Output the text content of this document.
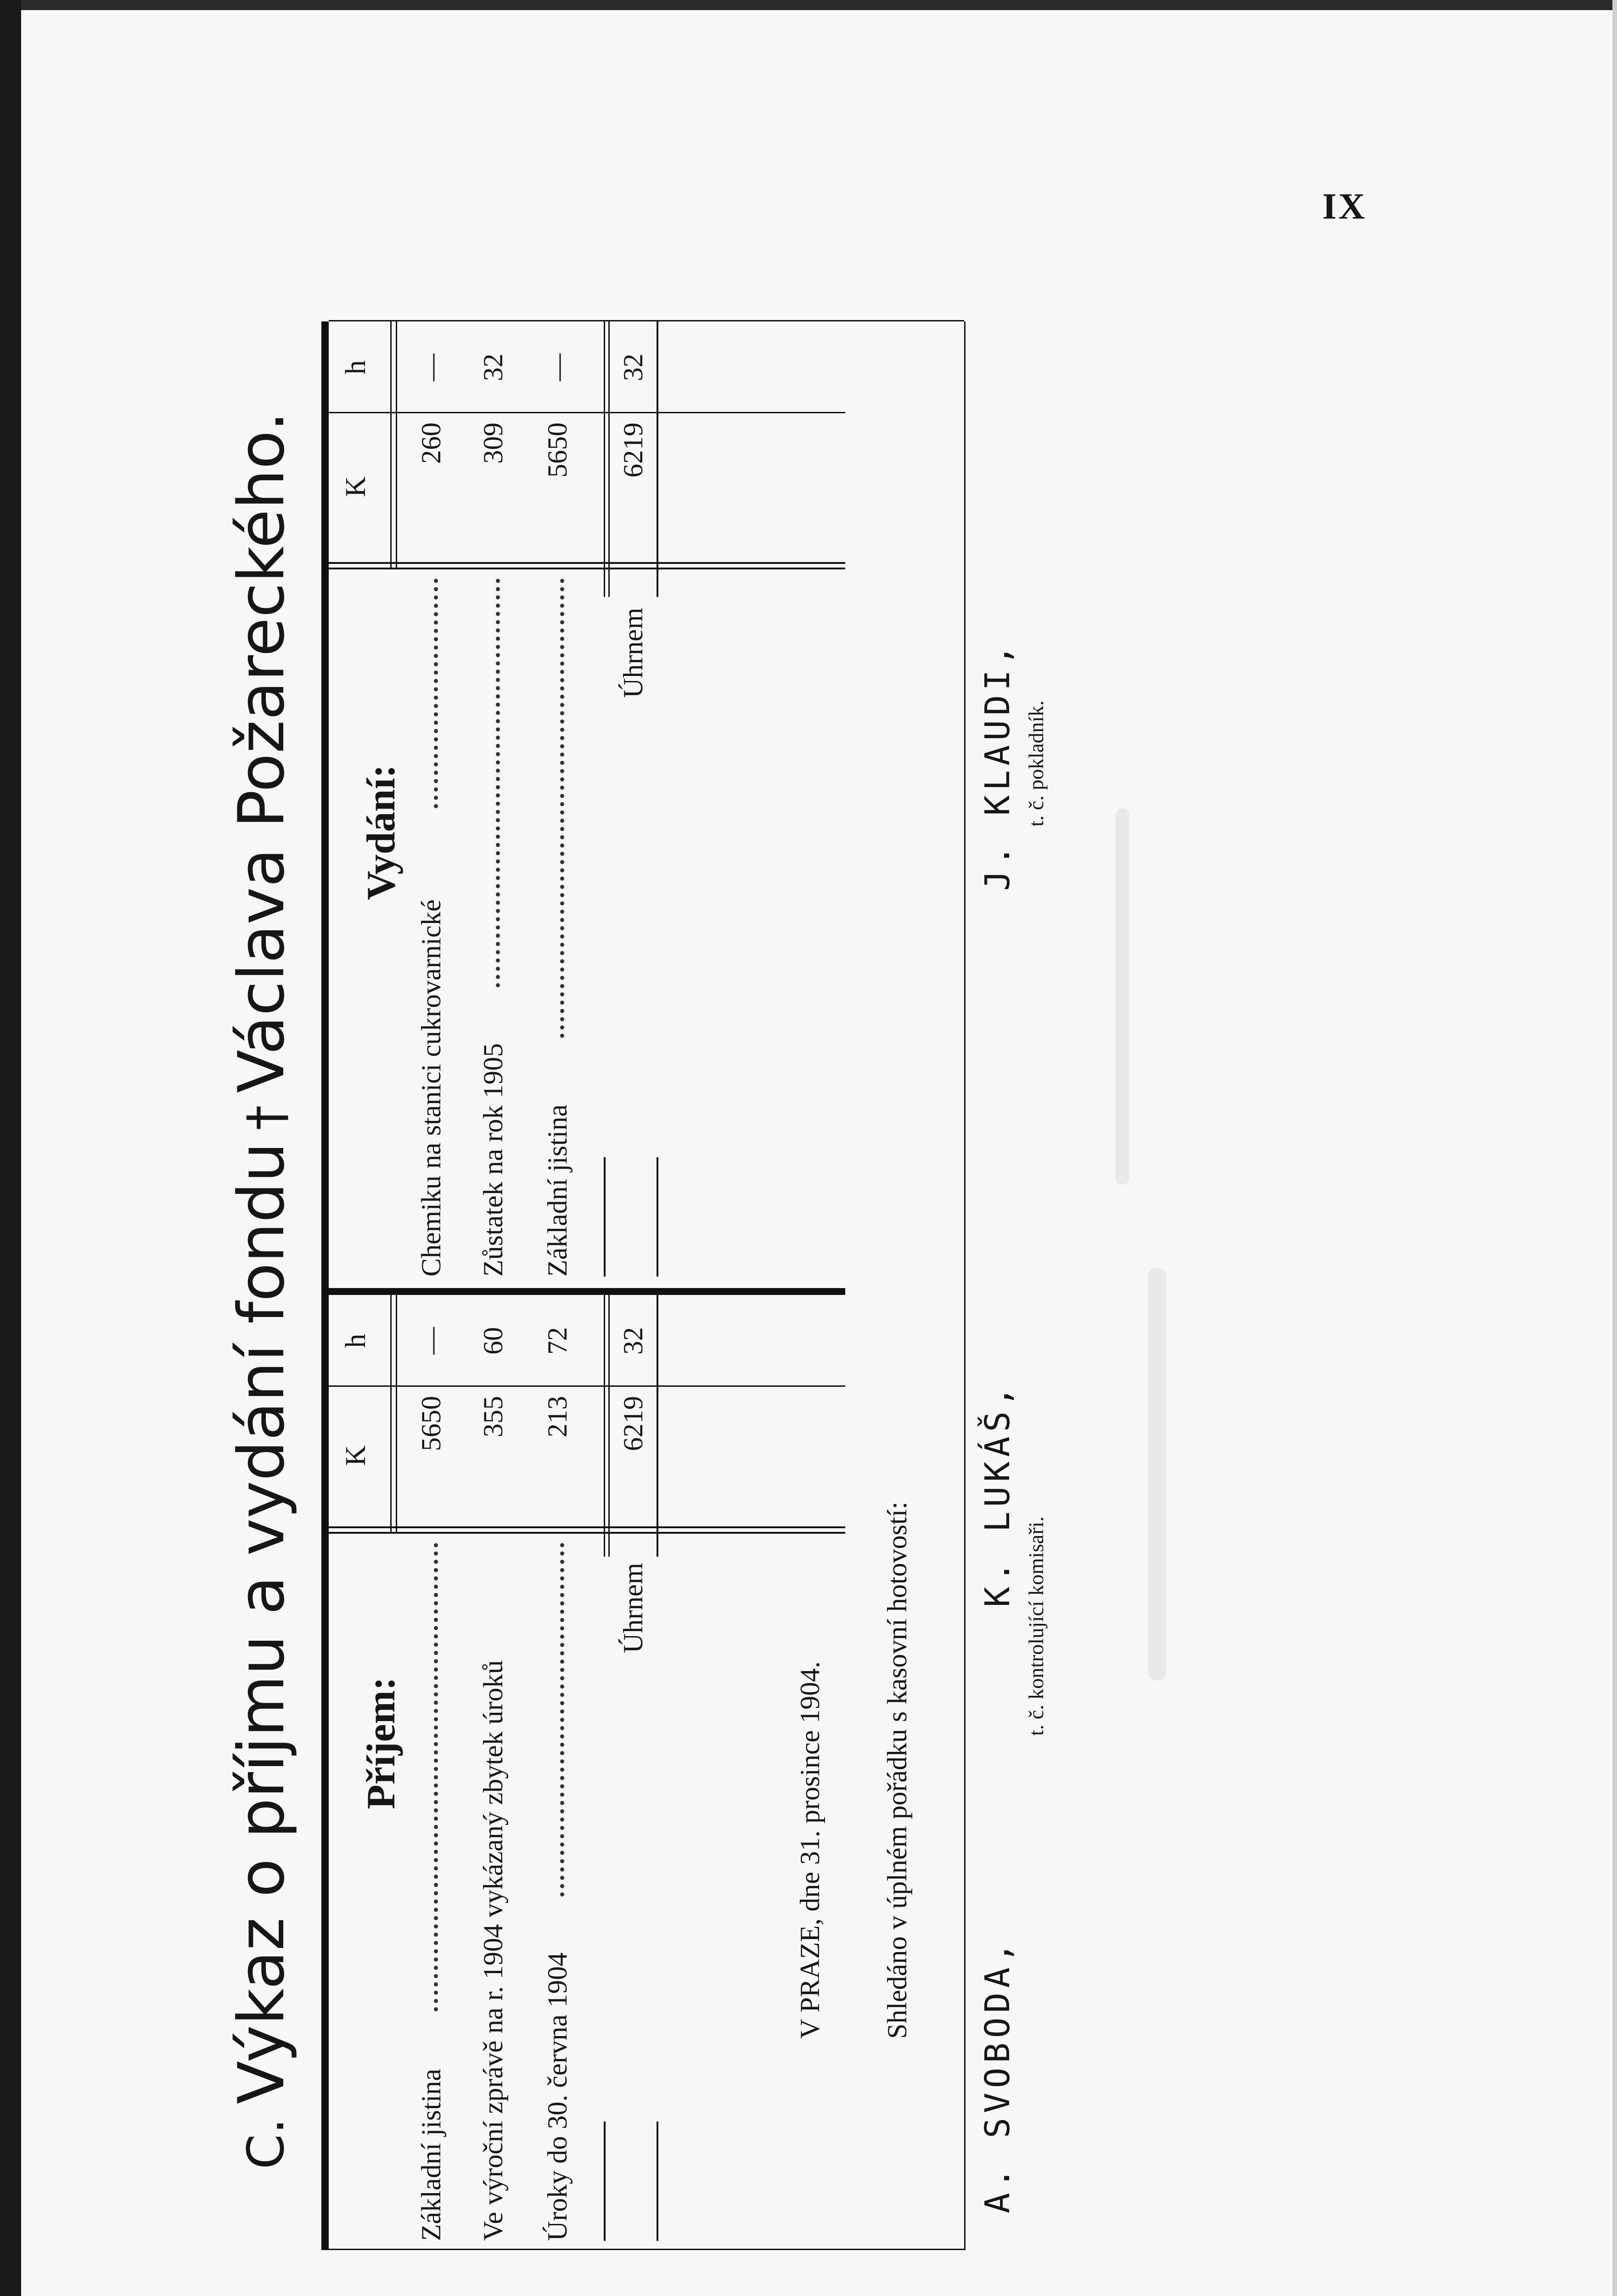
IX
C.Výkaz o příjmu a vydání fondu†Václava Požareckého.
Příjem:
K
h
Základní jistina
5650
—
Ve výroční zprávě na r. 1904 vykázaný zbytek úroků
355
60
Úroky do 30. června 1904
213
72
Úhrnem
6219
32
Vydání:
K
h
Chemiku na stanici cukrovarnické
260
—
Zůstatek na rok 1905
309
32
Základní jistina
5650
—
Úhrnem
6219
32
V PRAZE, dne 31. prosince 1904. Shledáno v úplném pořádku s kasovní hotovostí:
A. SVOBODA,
K. LUKÁŠ,
t. č. kontrolující komisaři.
J. KLAUDI, t. č. pokladník.
